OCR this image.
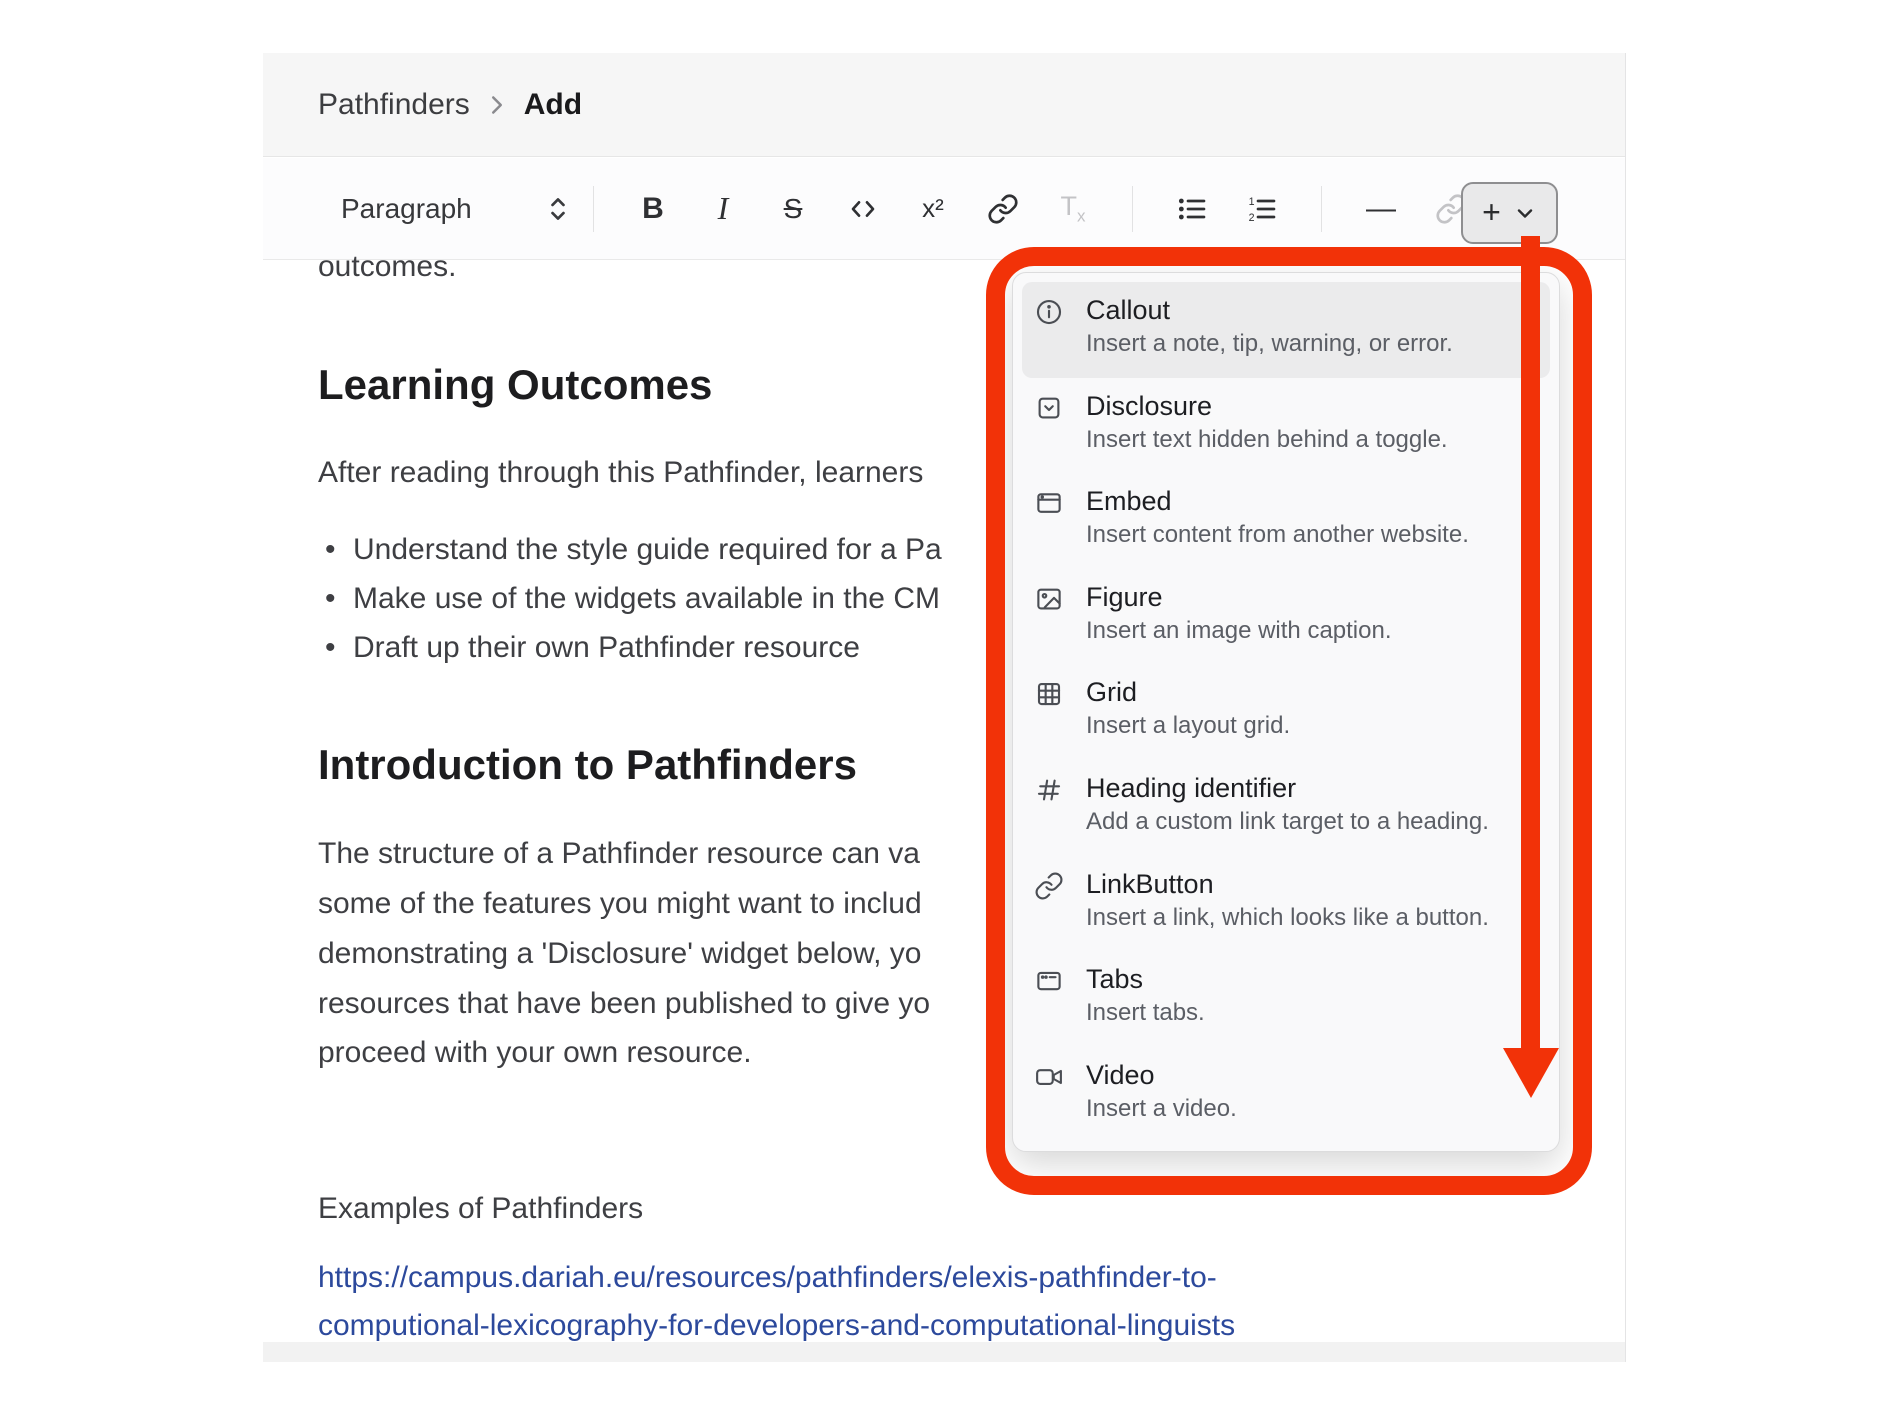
Pathfinders Add
Paragraph	B I S	x²	$T_x$
1
2	—	+
outcomes.
Learning Outcomes
After reading through this Pathfinder, learners
• Understand the style guide required for a Pa
• Make use of the widgets available in the CM
• Draft up their own Pathfinder resource
Introduction to Pathfinders
The structure of a Pathfinder resource can va
some of the features you might want to includ
demonstrating a 'Disclosure' widget below, yo
resources that have been published to give yo
proceed with your own resource.
Examples of Pathfinders
https://campus.dariah.eu/resources/pathfinders/elexis-pathfinder-to-
computional-lexicography-for-developers-and-computational-linguists
Callout
Insert a note, tip, warning, or error.
Disclosure
Insert text hidden behind a toggle.
Embed
Insert content from another website.
Figure
Insert an image with caption.
Grid
Insert a layout grid.
Heading identifier
Add a custom link target to a heading.
LinkButton
Insert a link, which looks like a button.
Tabs
Insert tabs.
Video
Insert a video.
